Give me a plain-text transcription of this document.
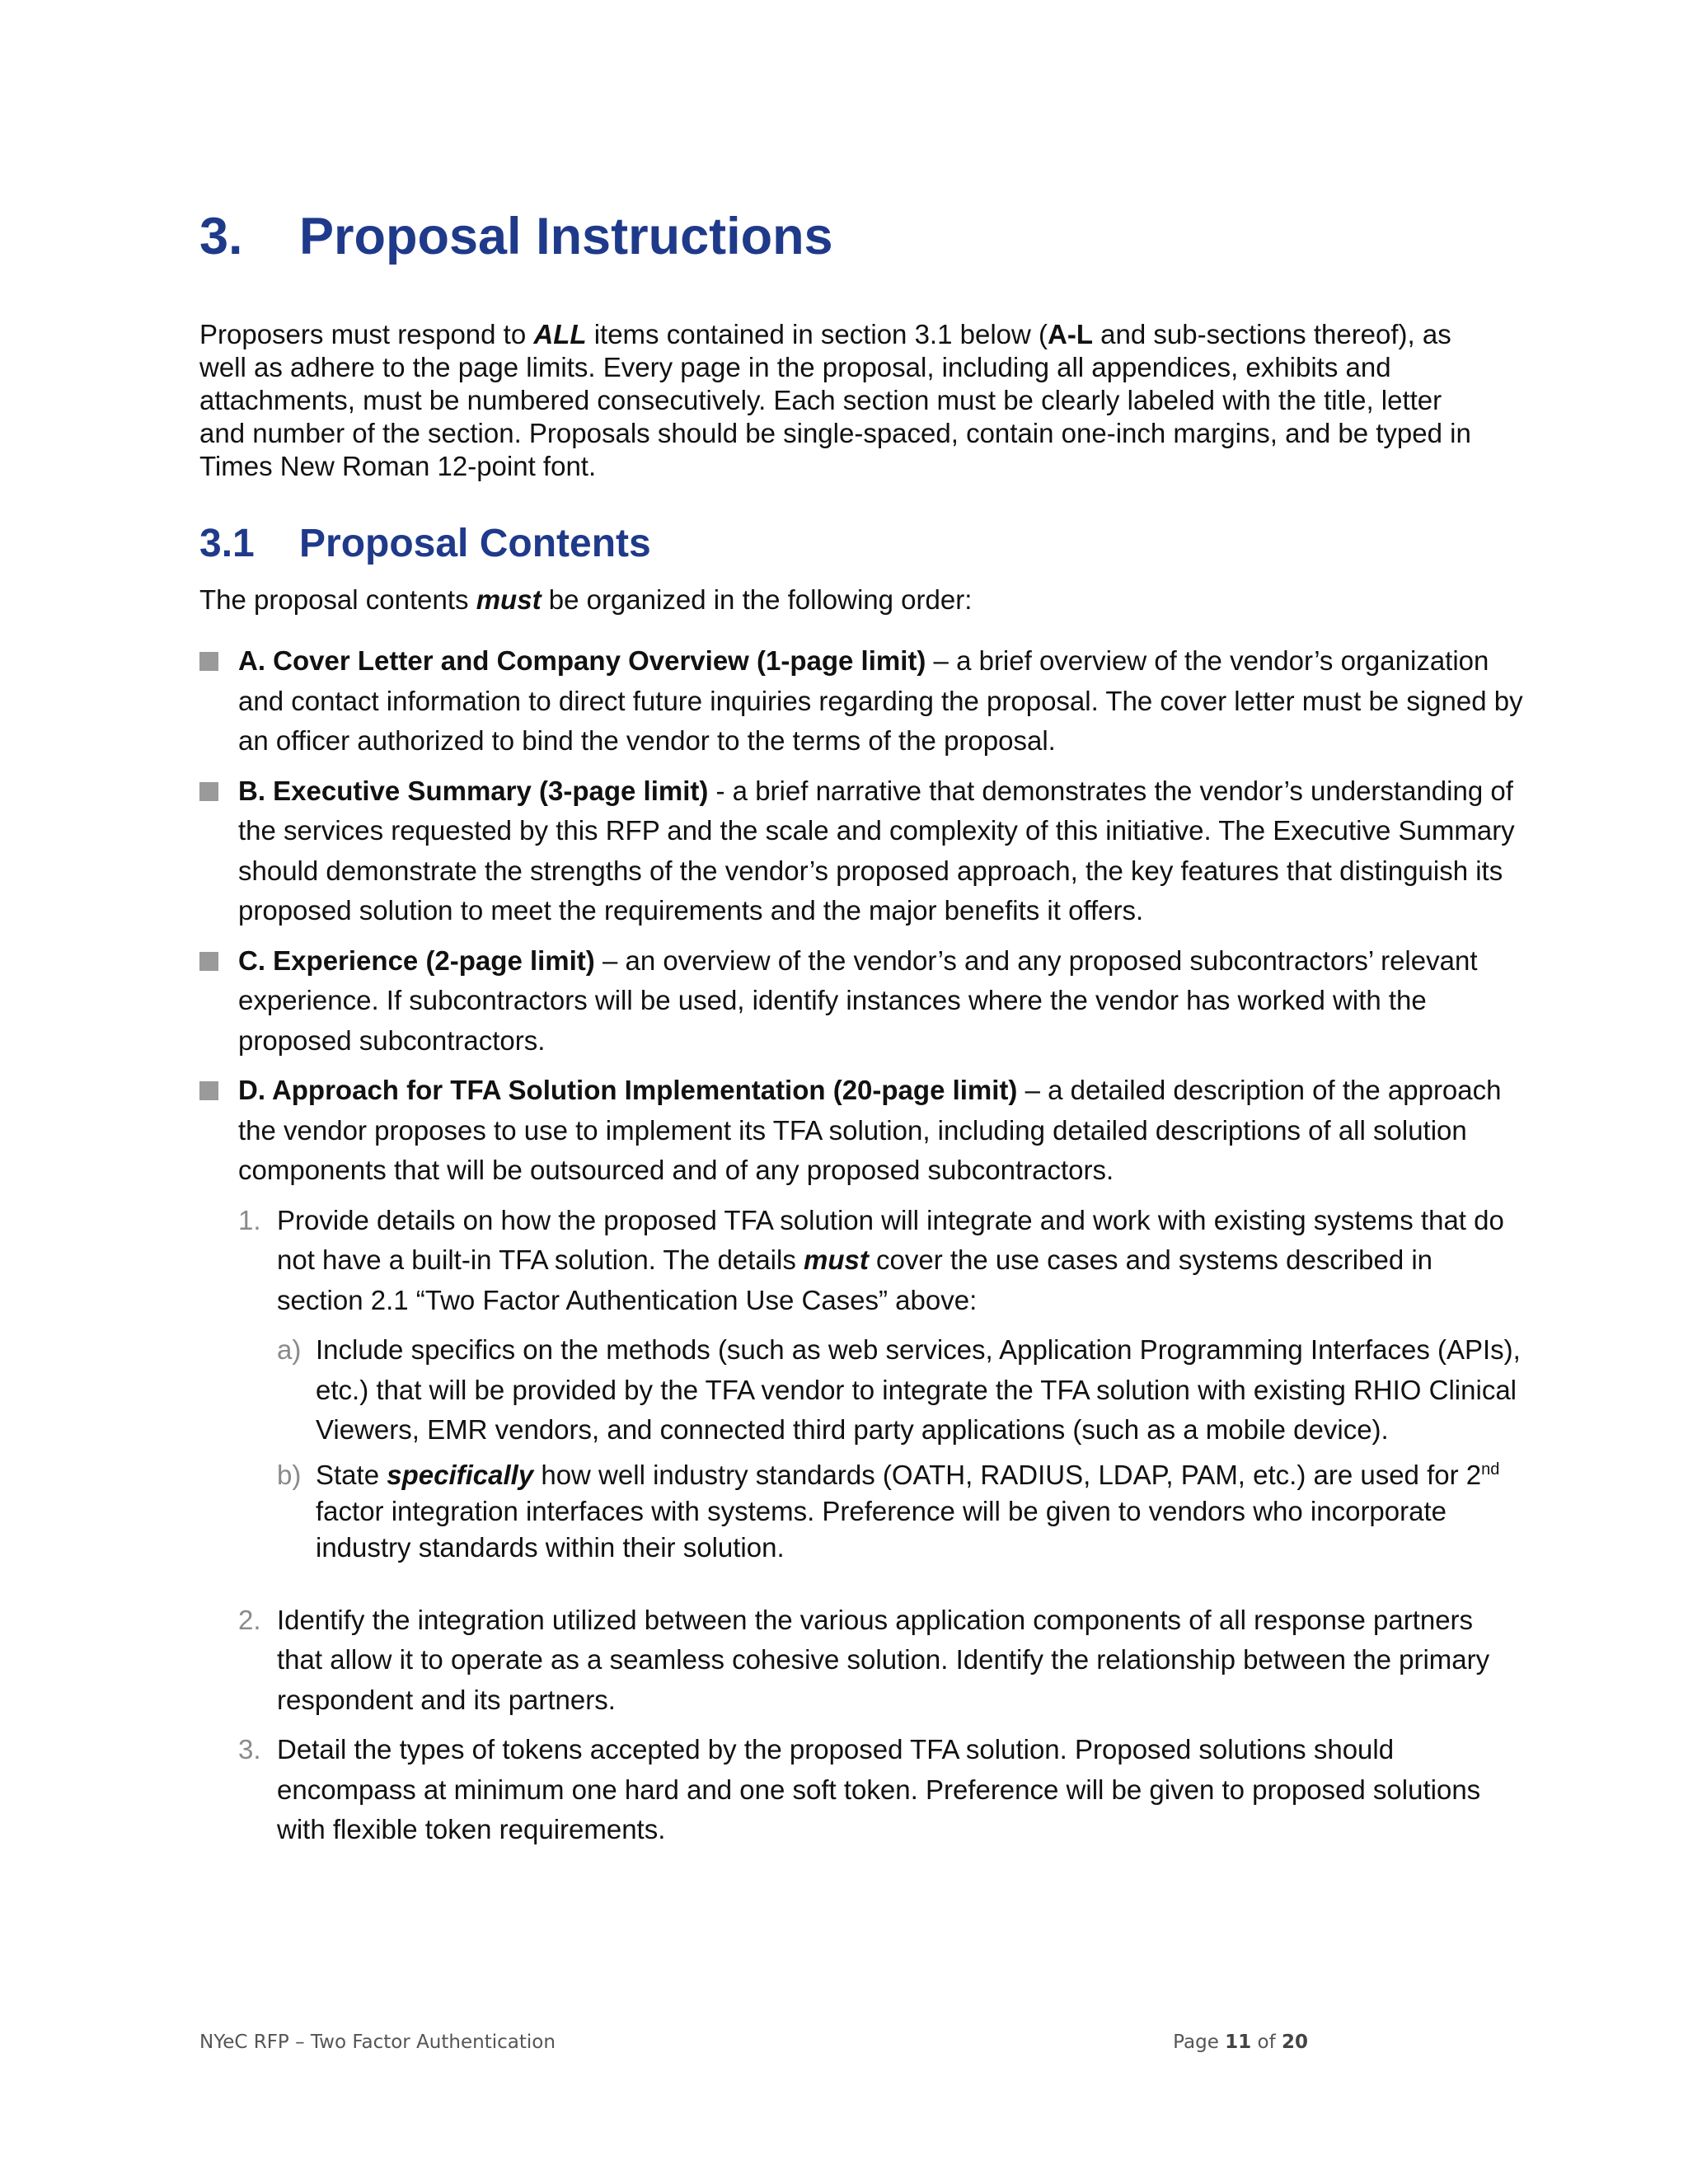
3.	Proposal Instructions

Proposers must respond to ALL items contained in section 3.1 below (A-L and sub-sections thereof), as well as adhere to the page limits. Every page in the proposal, including all appendices, exhibits and attachments, must be numbered consecutively. Each section must be clearly labeled with the title, letter and number of the section. Proposals should be single-spaced, contain one-inch margins, and be typed in Times New Roman 12-point font.

3.1	Proposal Contents

The proposal contents must be organized in the following order:

A. Cover Letter and Company Overview (1-page limit) – a brief overview of the vendor’s organization and contact information to direct future inquiries regarding the proposal. The cover letter must be signed by an officer authorized to bind the vendor to the terms of the proposal.
B. Executive Summary (3-page limit) - a brief narrative that demonstrates the vendor’s understanding of the services requested by this RFP and the scale and complexity of this initiative. The Executive Summary should demonstrate the strengths of the vendor’s proposed approach, the key features that distinguish its proposed solution to meet the requirements and the major benefits it offers.
C. Experience (2-page limit) – an overview of the vendor’s and any proposed subcontractors’ relevant experience. If subcontractors will be used, identify instances where the vendor has worked with the proposed subcontractors.
D. Approach for TFA Solution Implementation (20-page limit) – a detailed description of the approach the vendor proposes to use to implement its TFA solution, including detailed descriptions of all solution components that will be outsourced and of any proposed subcontractors.
1. Provide details on how the proposed TFA solution will integrate and work with existing systems that do not have a built-in TFA solution. The details must cover the use cases and systems described in section 2.1 “Two Factor Authentication Use Cases” above:
a) Include specifics on the methods (such as web services, Application Programming Interfaces (APIs), etc.) that will be provided by the TFA vendor to integrate the TFA solution with existing RHIO Clinical Viewers, EMR vendors, and connected third party applications (such as a mobile device).
b) State specifically how well industry standards (OATH, RADIUS, LDAP, PAM, etc.) are used for 2nd factor integration interfaces with systems. Preference will be given to vendors who incorporate industry standards within their solution.
2. Identify the integration utilized between the various application components of all response partners that allow it to operate as a seamless cohesive solution. Identify the relationship between the primary respondent and its partners.
3. Detail the types of tokens accepted by the proposed TFA solution. Proposed solutions should encompass at minimum one hard and one soft token. Preference will be given to proposed solutions with flexible token requirements.
NYeC RFP – Two Factor Authentication	Page 11 of 20
